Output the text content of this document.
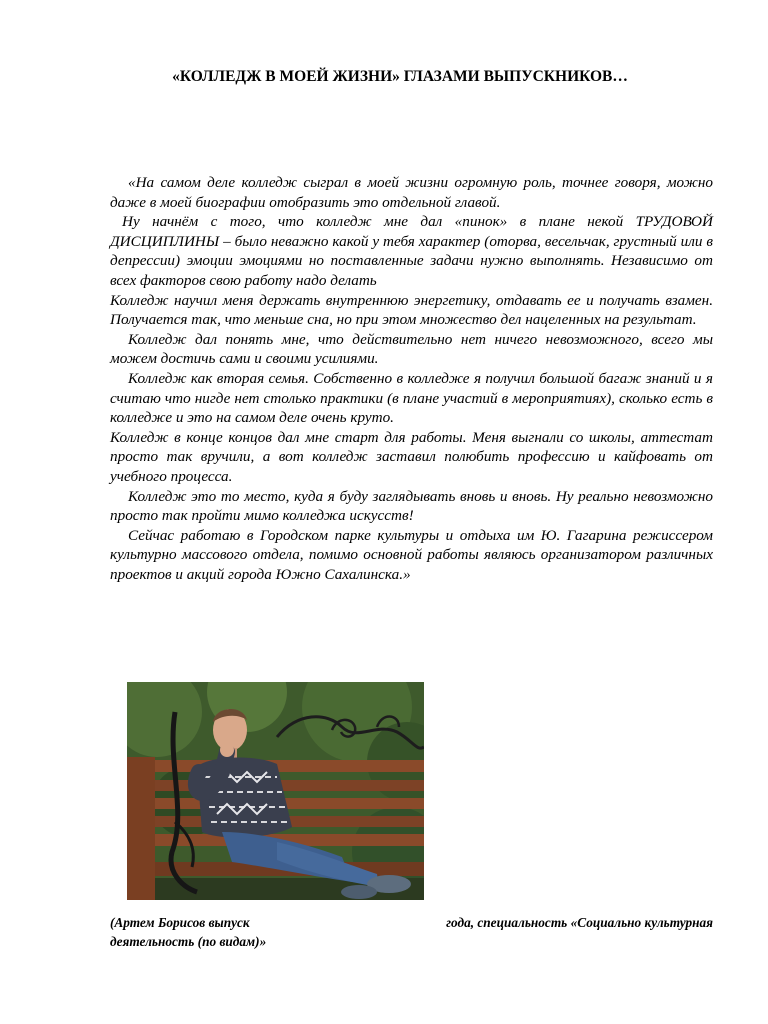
«КОЛЛЕДЖ В МОЕЙ ЖИЗНИ» ГЛАЗАМИ ВЫПУСКНИКОВ…

«На самом деле колледж сыграл в моей жизни огромную роль, точнее говоря, можно даже в моей биографии отобразить это отдельной главой.

Ну начнём с того, что колледж мне дал «пинок» в плане некой ТРУДОВОЙ ДИСЦИПЛИНЫ – было неважно какой у тебя характер (оторва, весельчак, грустный или в депрессии) эмоции эмоциями но поставленные задачи нужно выполнять. Независимо от всех факторов свою работу надо делать

Колледж научил меня держать внутреннюю энергетику, отдавать ее и получать взамен. Получается так, что меньше сна, но при этом множество дел нацеленных на результат.

Колледж дал понять мне, что действительно нет ничего невозможного, всего мы можем достичь сами и своими усилиями.

Колледж как вторая семья. Собственно в колледже я получил большой багаж знаний и я считаю что нигде нет столько практики (в плане участий в мероприятиях), сколько есть в колледже и это на самом деле очень круто.

Колледж в конце концов дал мне старт для работы. Меня выгнали со школы, аттестат просто так вручили, а вот колледж заставил полюбить профессию и кайфовать от учебного процесса.

Колледж это то место, куда я буду заглядывать вновь и вновь. Ну реально невозможно просто так пройти мимо колледжа искусств!

Сейчас работаю в Городском парке культуры и отдыха им Ю. Гагарина режиссером культурно массового отдела, помимо основной работы являюсь организатором различных проектов и акций города Южно Сахалинска.»

(Артем Борисов выпуск	года, специальность «Социально культурная
деятельность (по видам)»
